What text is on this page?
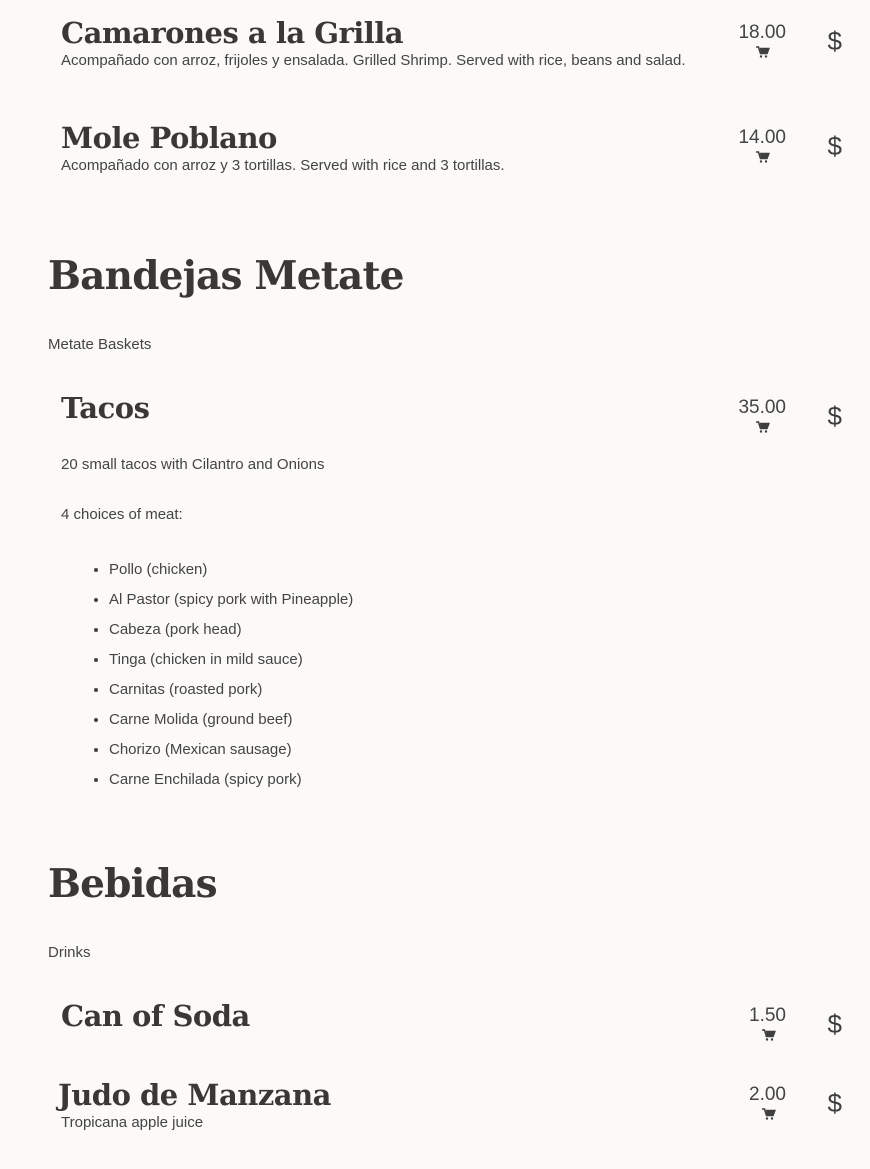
Camarones a la Grilla

Acompañado con arroz, frijoles y ensalada. Grilled Shrimp. Served with rice, beans and salad.

18.00 $
Mole Poblano

Acompañado con arroz y 3 tortillas. Served with rice and 3 tortillas.

14.00 $
Bandejas Metate

Metate Baskets

Tacos	35.00 $

20 small tacos with Cilantro and Onions

4 choices of meat:

• Pollo (chicken)
• Al Pastor (spicy pork with Pineapple)
• Cabeza (pork head)
• Tinga (chicken in mild sauce)
• Carnitas (roasted pork)
• Carne Molida (ground beef)
• Chorizo (Mexican sausage)
• Carne Enchilada (spicy pork)
Bebidas

Drinks

Can of Soda	1.50 $
Judo de Manzana

Tropicana apple juice

2.00 $
